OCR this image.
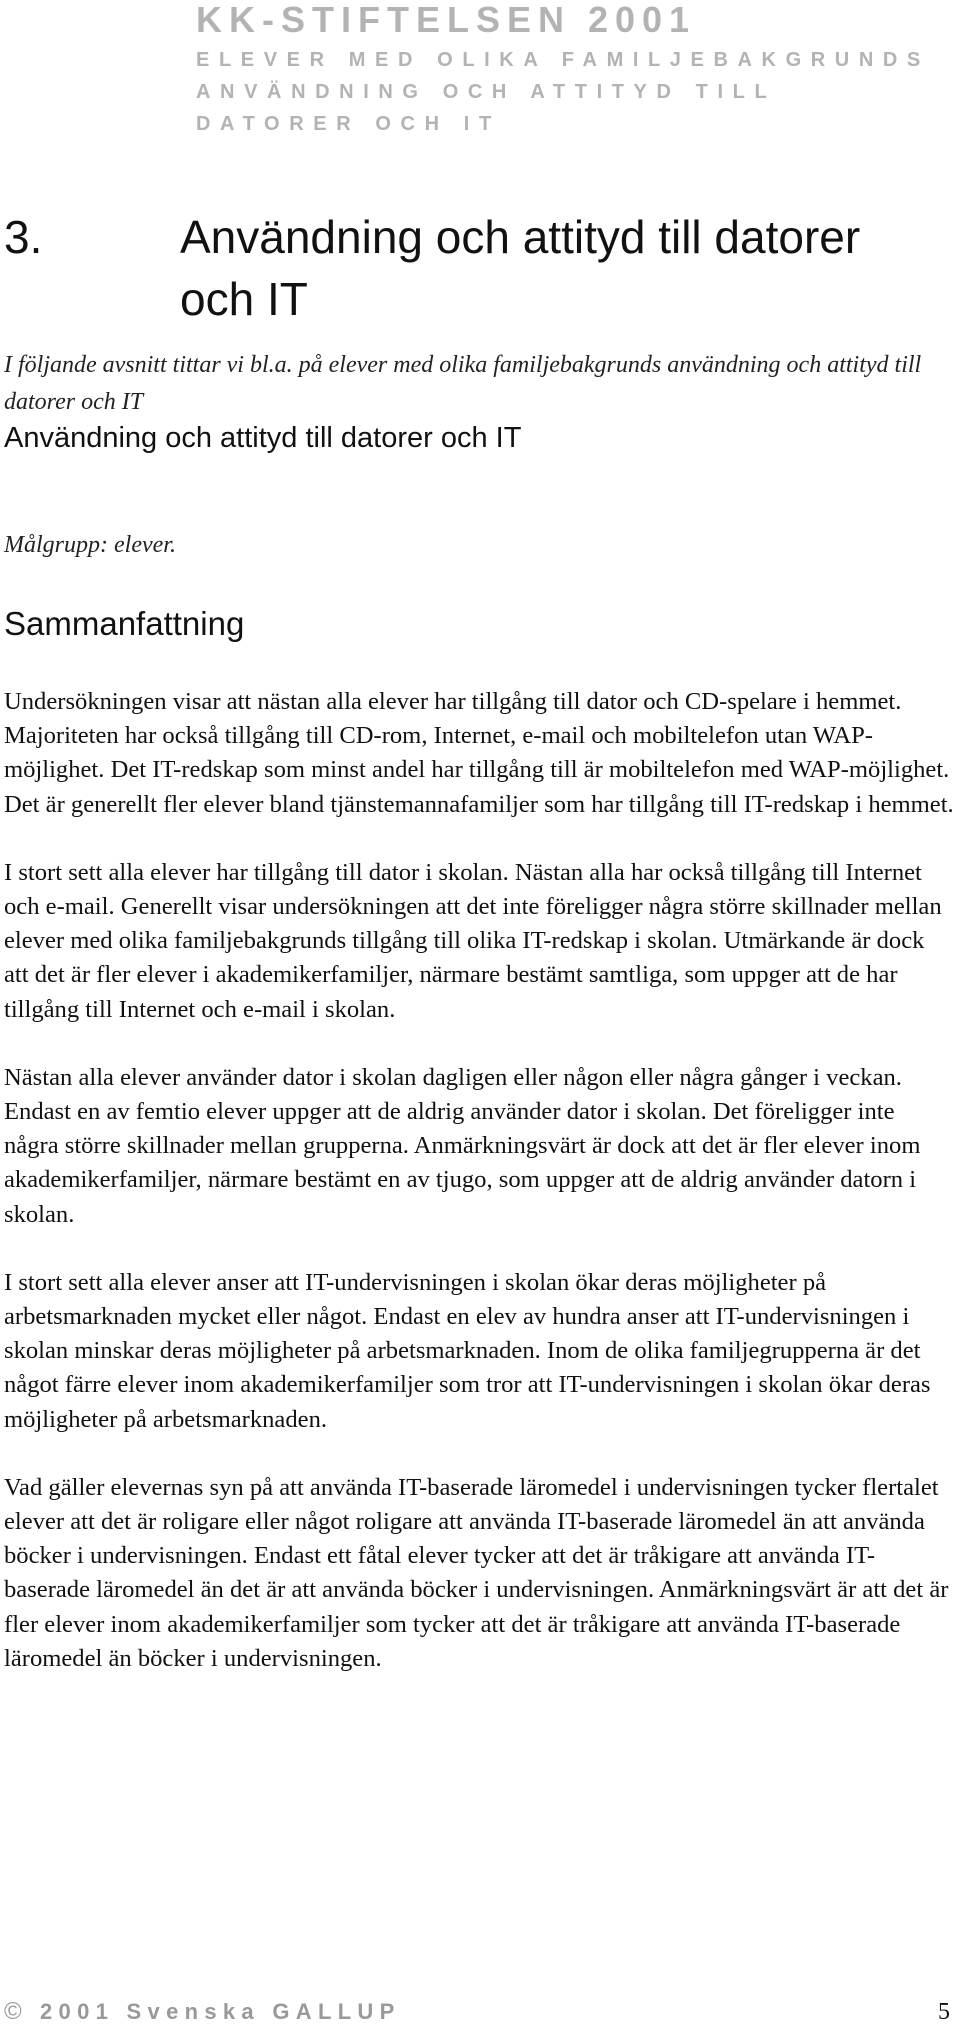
KK-STIFTELSEN 2001
ELEVER MED OLIKA FAMILJEBAKGRUNDS
ANVÄNDNING OCH ATTITYD TILL
DATORER OCH IT
3.	Användning och attityd till datorer och IT
I följande avsnitt tittar vi bl.a. på elever med olika familjebakgrunds användning och attityd till datorer och IT
Användning och attityd till datorer och IT
Målgrupp: elever.
Sammanfattning

Undersökningen visar att nästan alla elever har tillgång till dator och CD-spelare i hemmet. Majoriteten har också tillgång till CD-rom, Internet, e-mail och mobiltelefon utan WAP-möjlighet. Det IT-redskap som minst andel har tillgång till är mobiltelefon med WAP-möjlighet. Det är generellt fler elever bland tjänstemannafamiljer som har tillgång till IT-redskap i hemmet.

I stort sett alla elever har tillgång till dator i skolan. Nästan alla har också tillgång till Internet och e-mail. Generellt visar undersökningen att det inte föreligger några större skillnader mellan elever med olika familjebakgrunds tillgång till olika IT-redskap i skolan. Utmärkande är dock att det är fler elever i akademikerfamiljer, närmare bestämt samtliga, som uppger att de har tillgång till Internet och e-mail i skolan.

Nästan alla elever använder dator i skolan dagligen eller någon eller några gånger i veckan. Endast en av femtio elever uppger att de aldrig använder dator i skolan. Det föreligger inte några större skillnader mellan grupperna. Anmärkningsvärt är dock att det är fler elever inom akademikerfamiljer, närmare bestämt en av tjugo, som uppger att de aldrig använder datorn i skolan.

I stort sett alla elever anser att IT-undervisningen i skolan ökar deras möjligheter på arbetsmarknaden mycket eller något. Endast en elev av hundra anser att IT-undervisningen i skolan minskar deras möjligheter på arbetsmarknaden. Inom de olika familjegrupperna är det något färre elever inom akademikerfamiljer som tror att IT-undervisningen i skolan ökar deras möjligheter på arbetsmarknaden.

Vad gäller elevernas syn på att använda IT-baserade läromedel i undervisningen tycker flertalet elever att det är roligare eller något roligare att använda IT-baserade läromedel än att använda böcker i undervisningen. Endast ett fåtal elever tycker att det är tråkigare att använda IT-baserade läromedel än det är att använda böcker i undervisningen. Anmärkningsvärt är att det är fler elever inom akademikerfamiljer som tycker att det är tråkigare att använda IT-baserade läromedel än böcker i undervisningen.

© 2001 Svenska GALLUP	5
